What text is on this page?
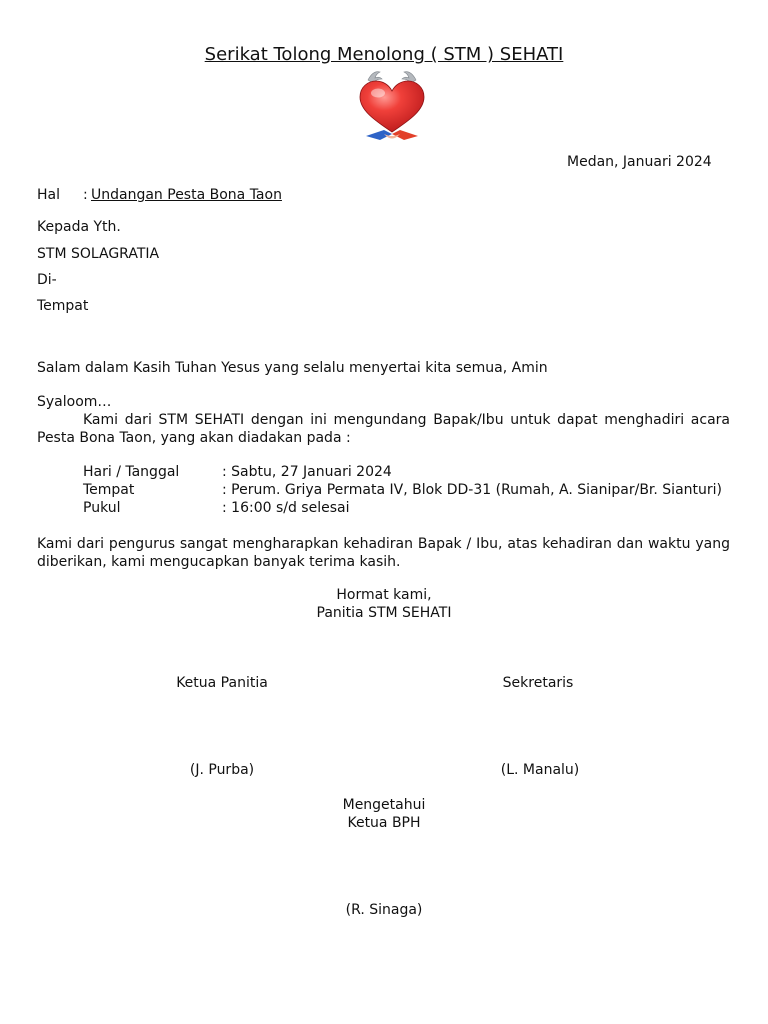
Serikat Tolong Menolong ( STM ) SEHATI
Medan, Januari 2024
Hal : Undangan Pesta Bona Taon
Kepada Yth.
STM SOLAGRATIA
Di-
Tempat
Salam dalam Kasih Tuhan Yesus yang selalu menyertai kita semua, Amin
Syaloom…
Kami dari STM SEHATI dengan ini mengundang Bapak/Ibu untuk dapat menghadiri acara Pesta Bona Taon, yang akan diadakan pada :
Hari / Tanggal	: Sabtu, 27 Januari 2024
Tempat	: Perum. Griya Permata IV, Blok DD-31 (Rumah, A. Sianipar/Br. Sianturi)
Pukul	: 16:00 s/d selesai
Kami dari pengurus sangat mengharapkan kehadiran Bapak / Ibu, atas kehadiran dan waktu yang diberikan, kami mengucapkan banyak terima kasih.
Hormat kami,
Panitia STM SEHATI
Ketua Panitia	Sekretaris
(J. Purba)	(L. Manalu)
Mengetahui
Ketua BPH
(R. Sinaga)
